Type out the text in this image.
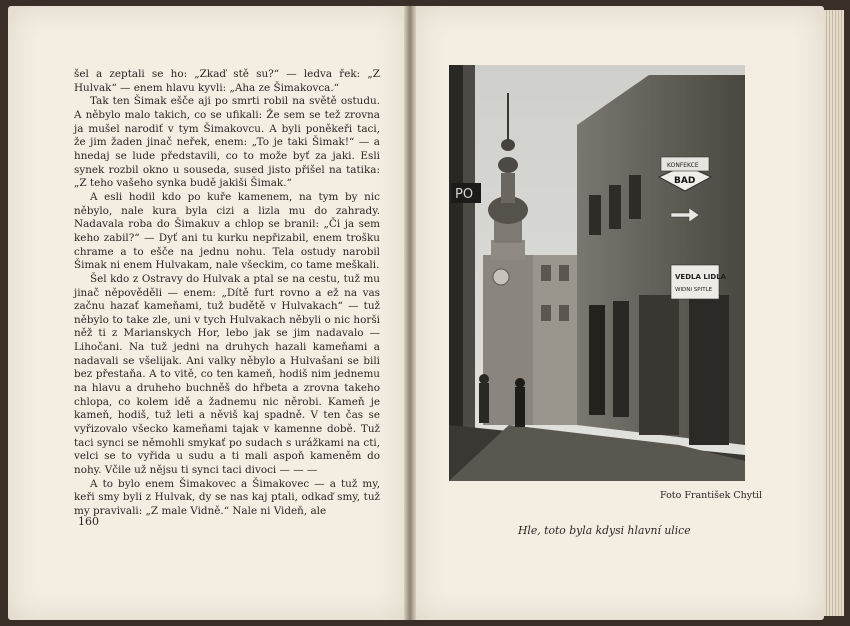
šel a zeptali se ho: „Zkaď stě su?“ — ledva řek: „Z Hulvak“ — enem hlavu kyvli: „Aha ze Šimakovca.“

Tak ten Šimak ešče aji po smrti robil na světě ostudu. A něbylo malo takich, co se ufikali: Že sem se tež zrovna ja mušel narodiť v tym Šimakovcu. A byli poněkeři taci, že jim žaden jinač neřek, enem: „To je taki Šimak!“ — a hnedaj se lude představili, co to može byť za jaki. Esli synek rozbil okno u souseda, sused jisto přišel na tatika: „Z teho vašeho synka budě jakiši Šimak.“

A esli hodil kdo po kuře kamenem, na tym by nic něbylo, nale kura byla cizi a lizla mu do zahrady. Nadavala roba do Šimakuv a chlop se branil: „Či ja sem keho zabil?“ — Dyť ani tu kurku nepřizabil, enem trošku chrame a to ešče na jednu nohu. Tela ostudy narobil Šimak ni enem Hulvakam, nale všeckim, co tame meškali.

Šel kdo z Ostravy do Hulvak a ptal se na cestu, tuž mu jinač něpověděli — enem: „Dítě furt rovno a ež na vas začnu hazať kameňami, tuž budětě v Hulvakach“ — tuž něbylo to take zle, uni v tych Hulvakach něbyli o nic horši něž ti z Marianskych Hor, lebo jak se jim nadavalo — Lihočani. Na tuž jedni na druhych hazali kameňami a nadavali se všelijak. Ani valky něbylo a Hulvašani se bili bez přestaňa. A to vitě, co ten kameň, hodiš nim jednemu na hlavu a druheho buchněš do hřbeta a zrovna takeho chlopa, co kolem idě a žadnemu nic něrobi. Kameň je kameň, hodiš, tuž leti a něviš kaj spadně. V ten čas se vyřizovalo všecko kameňami tajak v kamenne době. Tuž taci synci se němohli smykať po sudach s urážkami na cti, velci se to vyřida u sudu a ti mali aspoň kameněm do nohy. Včile už nějsu ti synci taci divoci — — —

A to bylo enem Šimakovec a Šimakovec — a tuž my, keři smy byli z Hulvak, dy se nas kaj ptali, odkaď smy, tuž my pravivali: „Z male Vidně.“ Nale ni Videň, ale

160
PO
KONFEKCE
BAD
VEDLA LIDLA
WIDNI SPITLE
Foto František Chytil
Hle, toto byla kdysi hlavní ulice
